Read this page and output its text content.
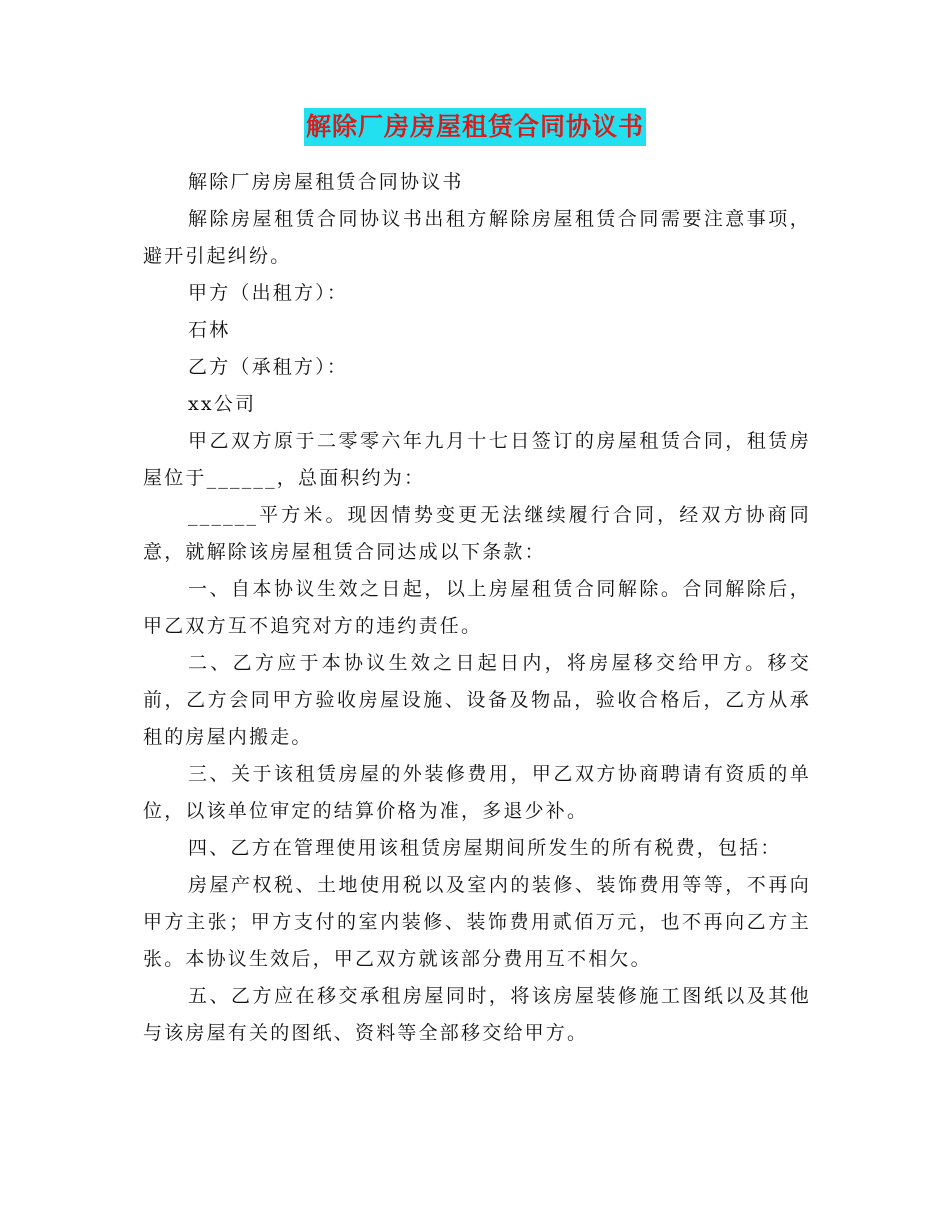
解除厂房房屋租赁合同协议书

解除厂房房屋租赁合同协议书

解除房屋租赁合同协议书出租方解除房屋租赁合同需要注意事项，避开引起纠纷。

甲方（出租方）：

石林

乙方（承租方）：

xx公司

甲乙双方原于二零零六年九月十七日签订的房屋租赁合同，租赁房屋位于______，总面积约为：

______平方米。现因情势变更无法继续履行合同，经双方协商同意，就解除该房屋租赁合同达成以下条款：

一、自本协议生效之日起，以上房屋租赁合同解除。合同解除后，甲乙双方互不追究对方的违约责任。

二、乙方应于本协议生效之日起日内，将房屋移交给甲方。移交前，乙方会同甲方验收房屋设施、设备及物品，验收合格后，乙方从承租的房屋内搬走。

三、关于该租赁房屋的外装修费用，甲乙双方协商聘请有资质的单位，以该单位审定的结算价格为准，多退少补。

四、乙方在管理使用该租赁房屋期间所发生的所有税费，包括：

房屋产权税、土地使用税以及室内的装修、装饰费用等等，不再向甲方主张；甲方支付的室内装修、装饰费用贰佰万元，也不再向乙方主张。本协议生效后，甲乙双方就该部分费用互不相欠。

五、乙方应在移交承租房屋同时，将该房屋装修施工图纸以及其他与该房屋有关的图纸、资料等全部移交给甲方。
